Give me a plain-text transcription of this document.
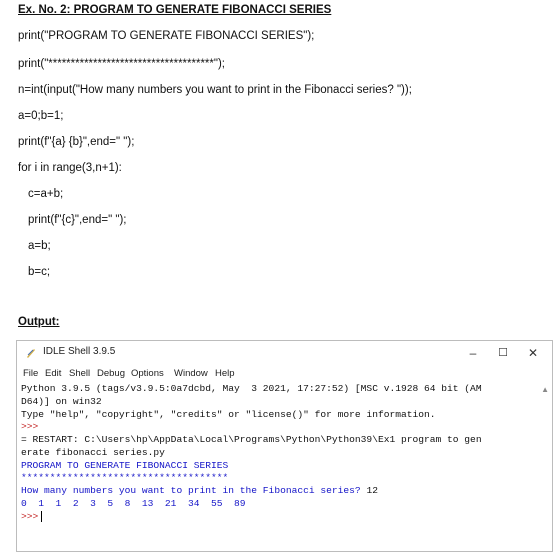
Ex. No. 2: PROGRAM TO GENERATE FIBONACCI SERIES
print("PROGRAM TO GENERATE FIBONACCI SERIES");
print("*************************************");
n=int(input("How many numbers you want to print in the Fibonacci series? "));
a=0;b=1;
print(f"{a} {b}",end=" ");
for i in range(3,n+1):
c=a+b;
print(f"{c}",end=" ");
a=b;
b=c;
Output:
IDLE Shell 3.9.5	–	☐	✕
File Edit Shell Debug Options Window Help

Python 3.9.5 (tags/v3.9.5:0a7dcbd, May  3 2021, 17:27:52) [MSC v.1928 64 bit (AM

D64)] on win32

Type "help", "copyright", "credits" or "license()" for more information.

>>>

= RESTART: C:\Users\hp\AppData\Local\Programs\Python\Python39\Ex1 program to gen

erate fibonacci series.py

PROGRAM TO GENERATE FIBONACCI SERIES

************************************

How many numbers you want to print in the Fibonacci series? 12

0  1  1  2  3  5  8  13  21  34  55  89

>>>

▲
